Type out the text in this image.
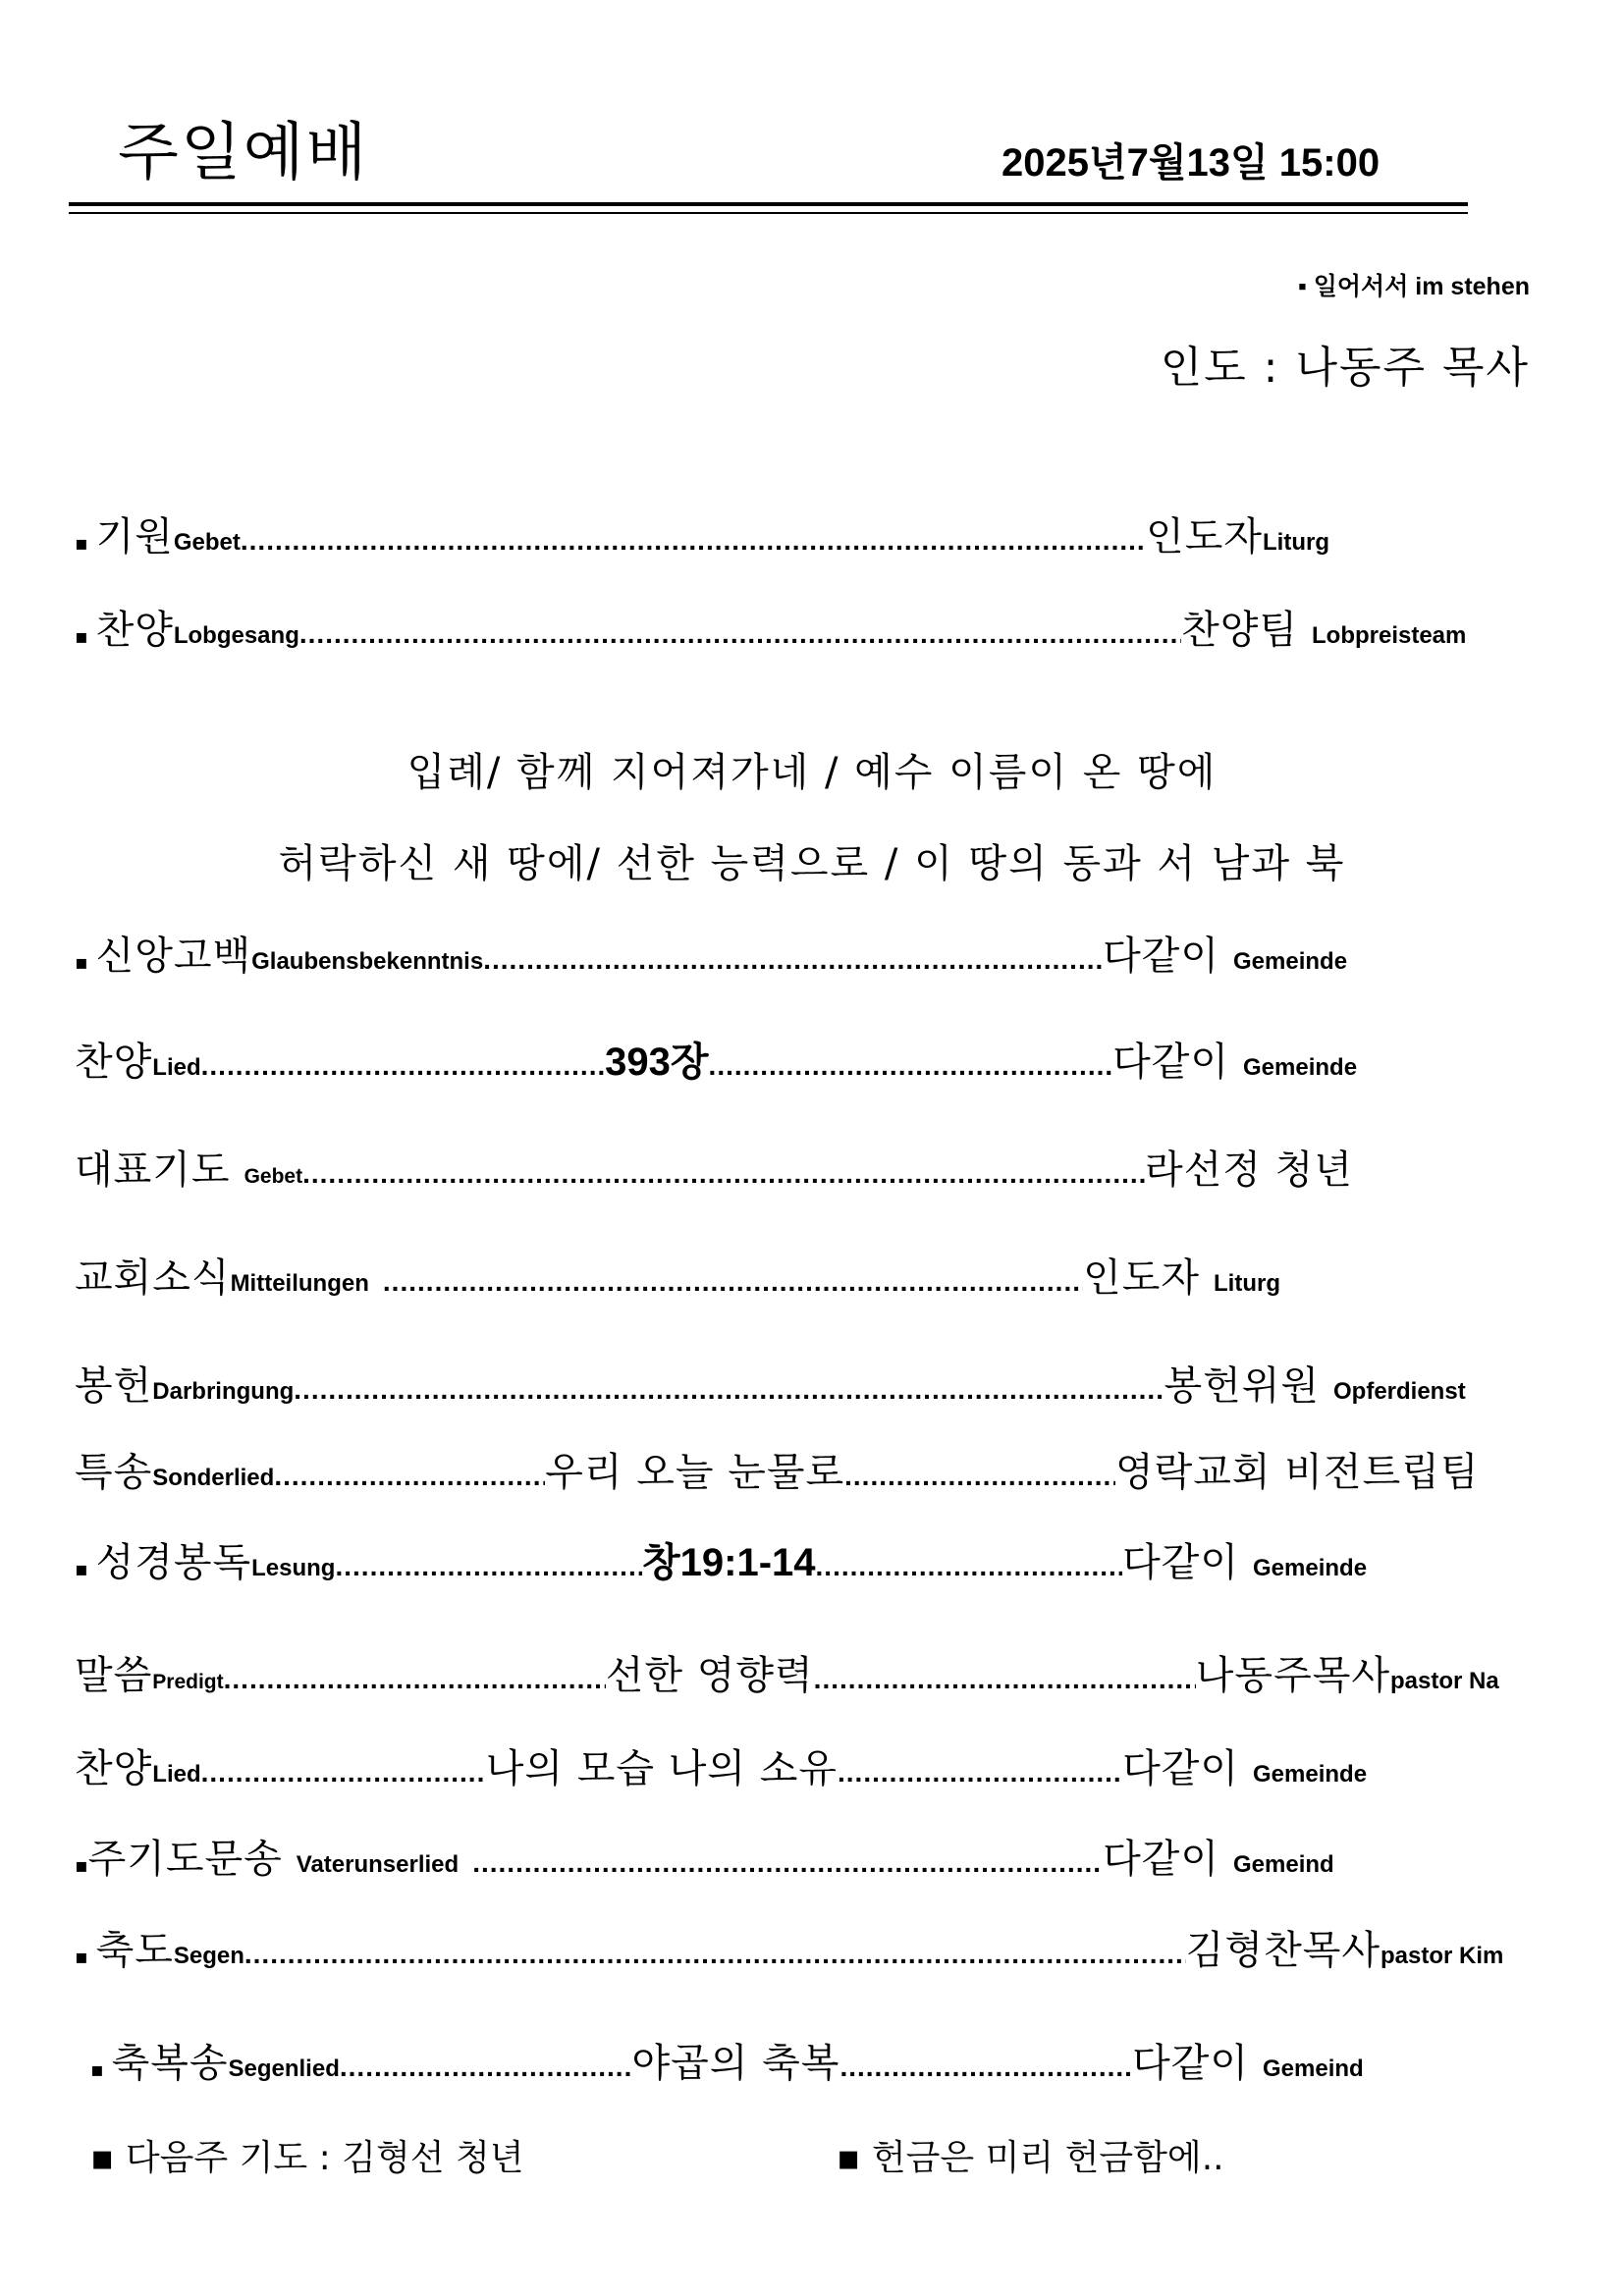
주일예배	2025년7월13일 15:00
▪ 일어서서 im stehen
인도 : 나동주 목사
▪ 기원 Gebet .....	인도자 Liturg
▪ 찬양 Lobgesang .....	찬양팀 Lobpreisteam
입례/ 함께 지어져가네 / 예수 이름이 온 땅에
허락하신 새 땅에/ 선한 능력으로 / 이 땅의 동과 서 남과 북
▪ 신앙고백 Glaubensbekenntnis .....	다같이 Gemeinde
찬양 Lied .....	393장 .....	다같이 Gemeinde
대표기도 Gebet .....	라선정 청년
교회소식 Mitteilungen .....	인도자 Liturg
봉헌 Darbringung .....	봉헌위원 Opferdienst
특송 Sonderlied .....	우리 오늘 눈물로 .....	영락교회 비전트립팀
▪ 성경봉독 Lesung .....	창19:1-14 .....	다같이 Gemeinde
말씀 Predigt .....	선한 영향력 .....	나동주목사 pastor Na
찬양 Lied .....	나의 모습 나의 소유 .....	다같이 Gemeinde
▪ 주기도문송 Vaterunserlied .....	다같이 Gemeind
▪ 축도 Segen .....	김형찬목사 pastor Kim
▪ 축복송 Segenlied .....	야곱의 축복 .....	다같이 Gemeind
▪ 다음주 기도 : 김형선 청년	▪ 헌금은 미리 헌금함에..
